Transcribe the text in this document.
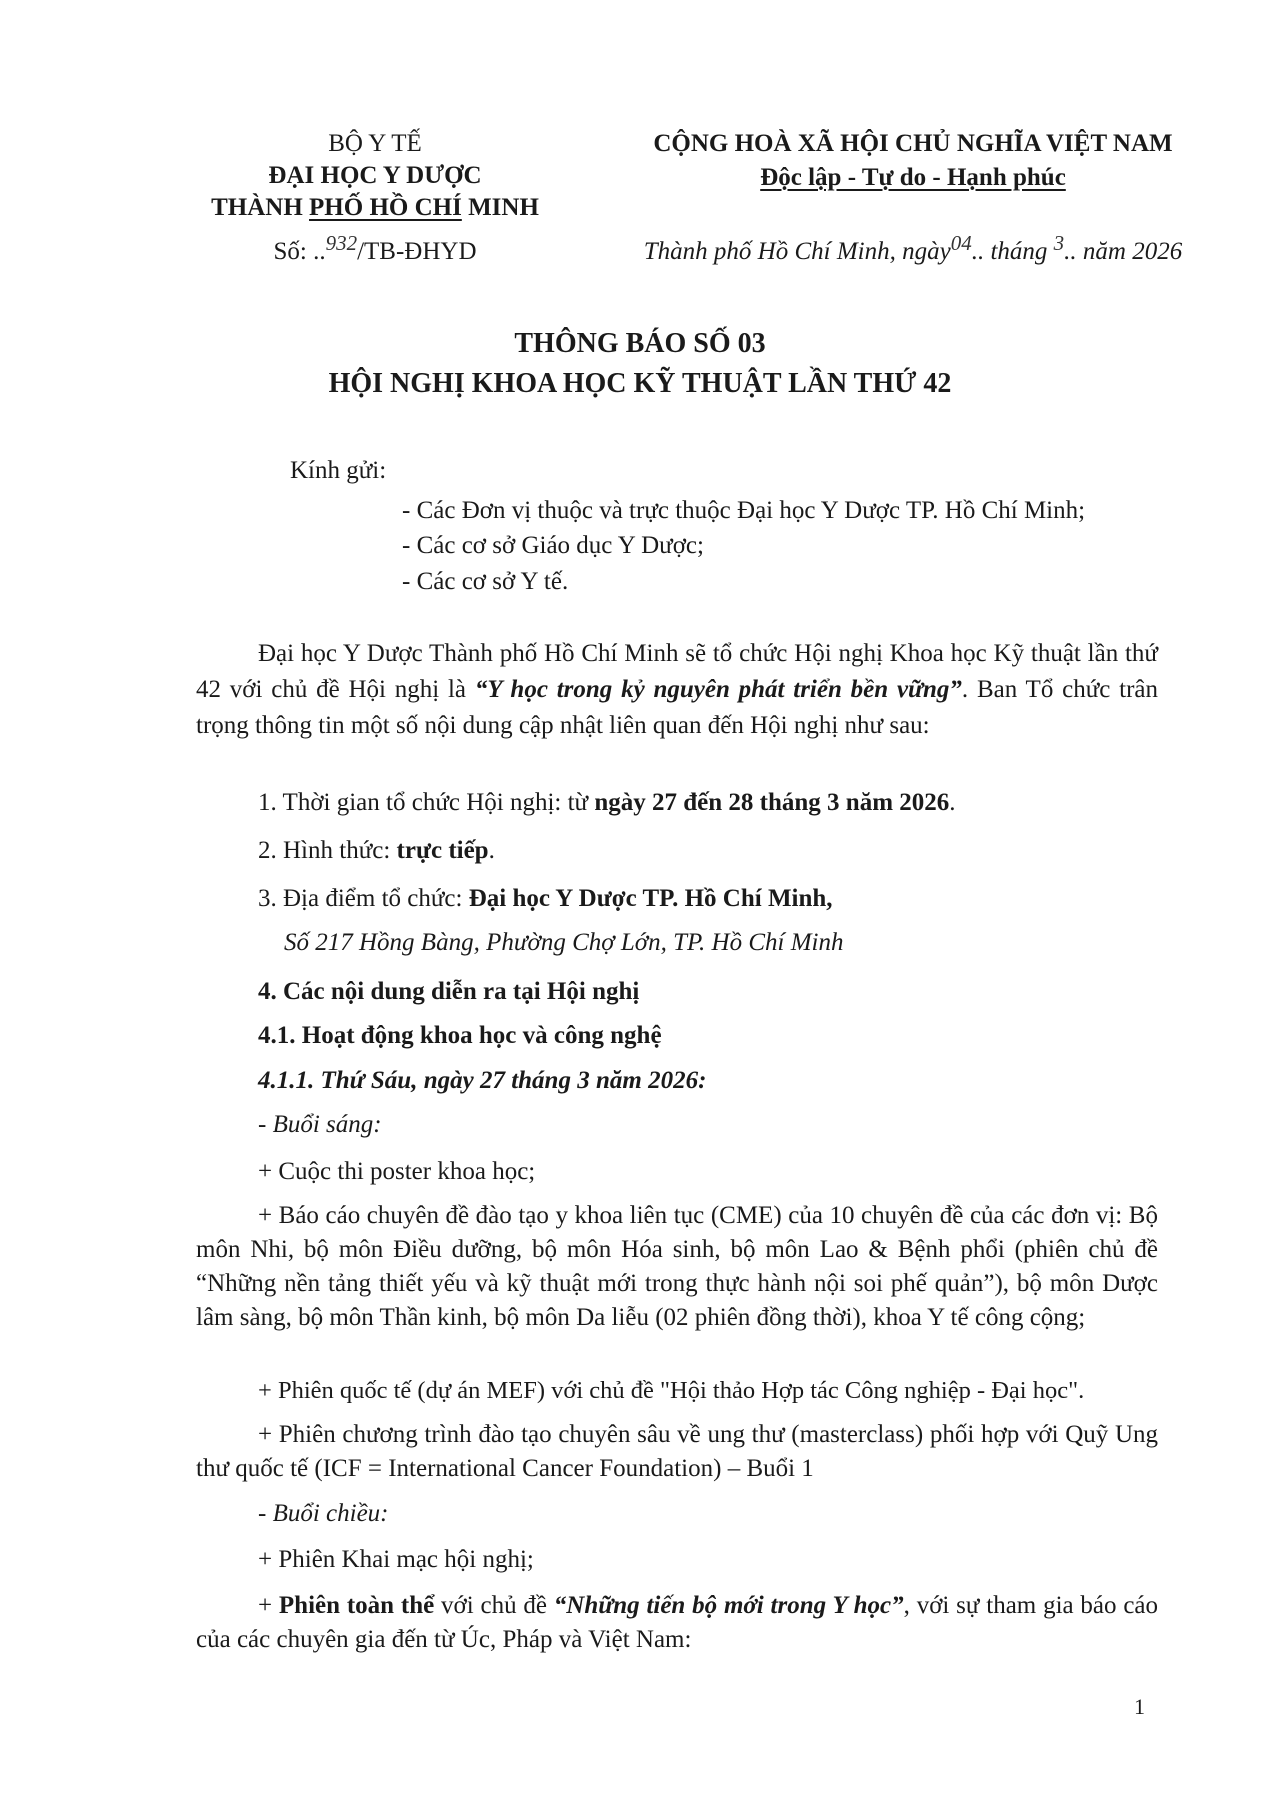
BỘ Y TẾ
ĐẠI HỌC Y DƯỢC
THÀNH PHỐ HỒ CHÍ MINH
Số: ..$^{932}$/TB-ĐHYD
CỘNG HOÀ XÃ HỘI CHỦ NGHĨA VIỆT NAM
Độc lập - Tự do - Hạnh phúc
Thành phố Hồ Chí Minh, ngày$^{04}$.. tháng $^3$.. năm 2026
THÔNG BÁO SỐ 03
HỘI NGHỊ KHOA HỌC KỸ THUẬT LẦN THỨ 42
Kính gửi:
- Các Đơn vị thuộc và trực thuộc Đại học Y Dược TP. Hồ Chí Minh;
- Các cơ sở Giáo dục Y Dược;
- Các cơ sở Y tế.
Đại học Y Dược Thành phố Hồ Chí Minh sẽ tổ chức Hội nghị Khoa học Kỹ thuật lần thứ 42 với chủ đề Hội nghị là “Y học trong kỷ nguyên phát triển bền vững”. Ban Tổ chức trân trọng thông tin một số nội dung cập nhật liên quan đến Hội nghị như sau:
1. Thời gian tổ chức Hội nghị: từ ngày 27 đến 28 tháng 3 năm 2026.
2. Hình thức: trực tiếp.
3. Địa điểm tổ chức: Đại học Y Dược TP. Hồ Chí Minh,
Số 217 Hồng Bàng, Phường Chợ Lớn, TP. Hồ Chí Minh
4. Các nội dung diễn ra tại Hội nghị
4.1. Hoạt động khoa học và công nghệ
4.1.1. Thứ Sáu, ngày 27 tháng 3 năm 2026:
- Buổi sáng:
+ Cuộc thi poster khoa học;
+ Báo cáo chuyên đề đào tạo y khoa liên tục (CME) của 10 chuyên đề của các đơn vị: Bộ môn Nhi, bộ môn Điều dưỡng, bộ môn Hóa sinh, bộ môn Lao & Bệnh phổi (phiên chủ đề “Những nền tảng thiết yếu và kỹ thuật mới trong thực hành nội soi phế quản”), bộ môn Dược lâm sàng, bộ môn Thần kinh, bộ môn Da liễu (02 phiên đồng thời), khoa Y tế công cộng;
+ Phiên quốc tế (dự án MEF) với chủ đề "Hội thảo Hợp tác Công nghiệp - Đại học".
+ Phiên chương trình đào tạo chuyên sâu về ung thư (masterclass) phối hợp với Quỹ Ung thư quốc tế (ICF = International Cancer Foundation) – Buổi 1
- Buổi chiều:
+ Phiên Khai mạc hội nghị;
+ Phiên toàn thể với chủ đề “Những tiến bộ mới trong Y học”, với sự tham gia báo cáo của các chuyên gia đến từ Úc, Pháp và Việt Nam:
1
